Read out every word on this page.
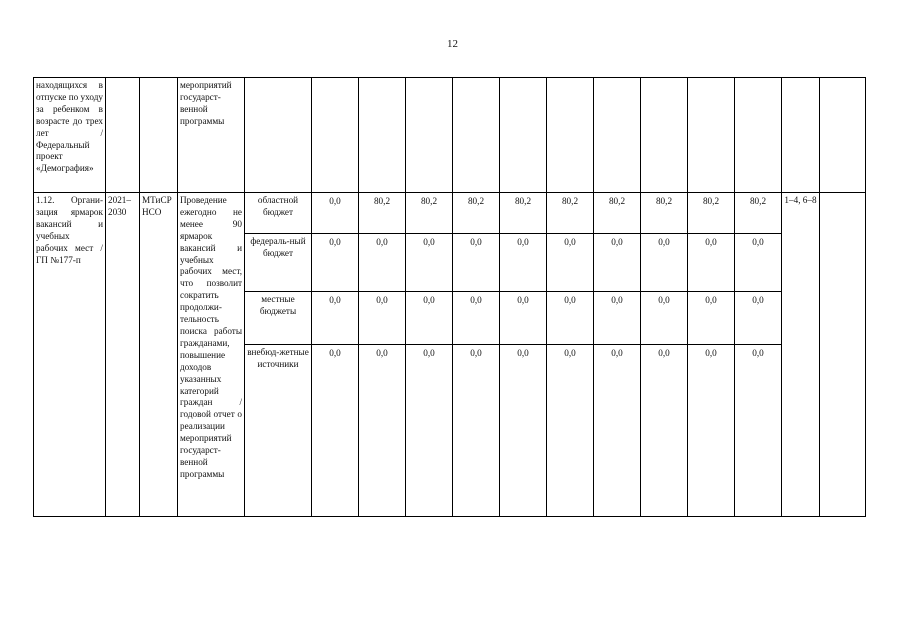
12
находящихся в отпуске по уходу за ребенком в возрасте до трех лет / Федеральный проект «Демография»			мероприятий государст-венной программы													
1.12. Органи-зация ярмарок вакансий и учебных рабочих мест / ГП №177-п	2021–2030	МТиСР НСО	Проведение ежегодно не менее 90 ярмарок вакансий и учебных рабочих мест, что позволит сократить продолжи-тельность поиска работы гражданами, повышение доходов указанных категорий граждан / годовой отчет о реализации мероприятий государст-венной программы	областной бюджет	0,0	80,2	80,2	80,2	80,2	80,2	80,2	80,2	80,2	80,2	1–4, 6–8	
				федераль-ный бюджет	0,0	0,0	0,0	0,0	0,0	0,0	0,0	0,0	0,0	0,0		
				местные бюджеты	0,0	0,0	0,0	0,0	0,0	0,0	0,0	0,0	0,0	0,0		
				внебюд-жетные источники	0,0	0,0	0,0	0,0	0,0	0,0	0,0	0,0	0,0	0,0		
